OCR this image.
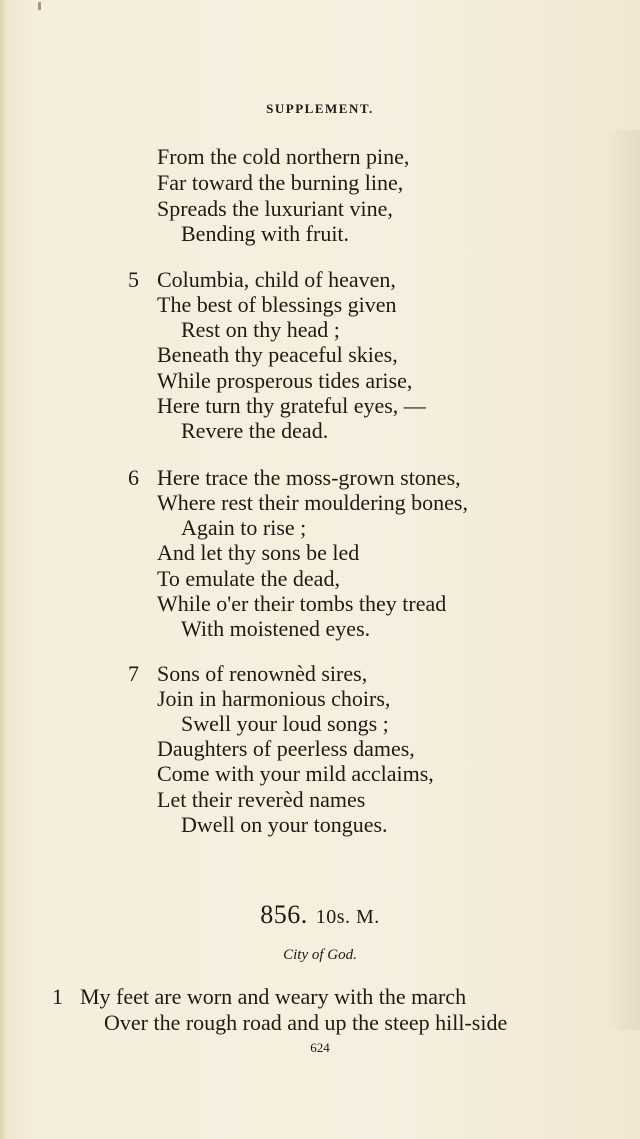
SUPPLEMENT.
From the cold northern pine,
Far toward the burning line,
Spreads the luxuriant vine,
Bending with fruit.
5 Columbia, child of heaven,
The best of blessings given
Rest on thy head ;
Beneath thy peaceful skies,
While prosperous tides arise,
Here turn thy grateful eyes, —
Revere the dead.
6 Here trace the moss-grown stones,
Where rest their mouldering bones,
Again to rise ;
And let thy sons be led
To emulate the dead,
While o'er their tombs they tread
With moistened eyes.
7 Sons of renownèd sires,
Join in harmonious choirs,
Swell your loud songs ;
Daughters of peerless dames,
Come with your mild acclaims,
Let their reverèd names
Dwell on your tongues.
856. 10s. M.
City of God.
1 My feet are worn and weary with the march
Over the rough road and up the steep hill-side
624
